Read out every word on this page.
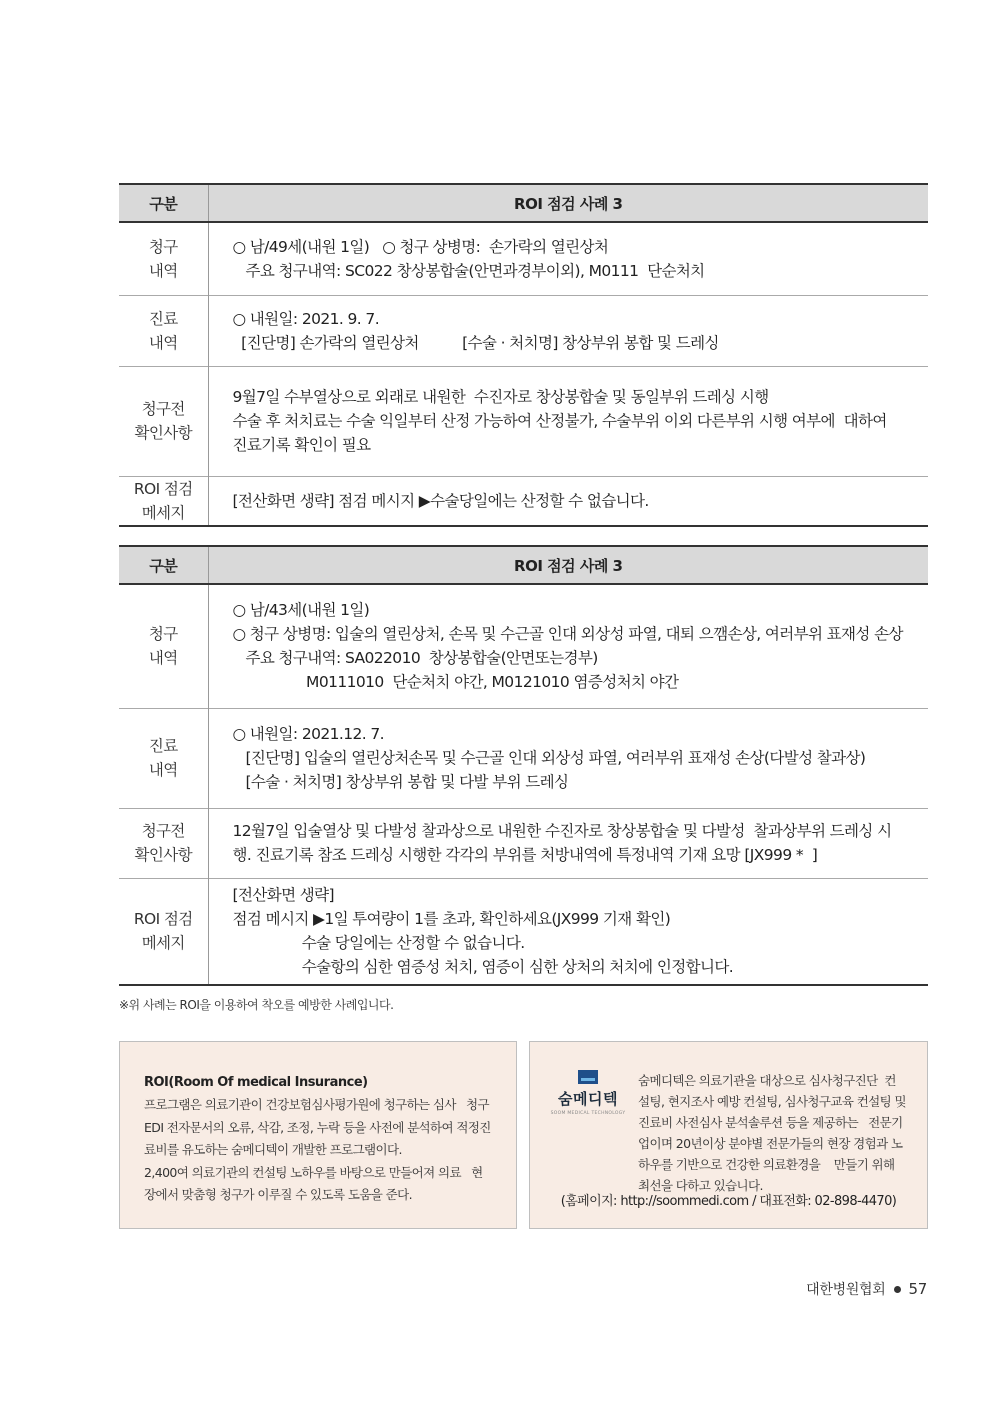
구분	ROI 점검 사례 3

청구
내역	○ 남/49세(내원 1일)   ○ 청구 상병명:  손가락의 열린상처
주요 청구내역: SC022 창상봉합술(안면과경부이외), M0111  단순처치

진료
내역	○ 내원일: 2021. 9. 7.
[진단명] 손가락의 열린상처          [수술 · 처치명] 창상부위 봉합 및 드레싱

청구전
확인사항	9월7일 수부열상으로 외래로 내원한  수진자로 창상봉합술 및 동일부위 드레싱 시행
수술 후 처치료는 수술 익일부터 산정 가능하여 산정불가, 수술부위 이외 다른부위 시행 여부에  대하여
진료기록 확인이 필요

ROI 점검
메세지	[전산화면 생략] 점검 메시지 ▶수술당일에는 산정할 수 없습니다.
구분	ROI 점검 사례 3

청구
내역	○ 남/43세(내원 1일)
○ 청구 상병명: 입술의 열린상처, 손목 및 수근골 인대 외상성 파열, 대퇴 으깸손상, 여러부위 표재성 손상
주요 청구내역: SA022010  창상봉합술(안면또는경부)
M0111010  단순처치 야간, M0121010 염증성처치 야간

진료
내역	○ 내원일: 2021.12. 7.
[진단명] 입술의 열린상처손목 및 수근골 인대 외상성 파열, 여러부위 표재성 손상(다발성 찰과상)
[수술 · 처치명] 창상부위 봉합 및 다발 부위 드레싱

청구전
확인사항	12월7일 입술열상 및 다발성 찰과상으로 내원한 수진자로 창상봉합술 및 다발성  찰과상부위 드레싱 시
행. 진료기록 참조 드레싱 시행한 각각의 부위를 처방내역에 특정내역 기재 요망 [JX999 *  ]

ROI 점검
메세지	[전산화면 생략]
점검 메시지 ▶1일 투여량이 1를 초과, 확인하세요(JX999 기재 확인)
수술 당일에는 산정할 수 없습니다.
수술항의 심한 염증성 처치, 염증이 심한 상처의 처치에 인정합니다.
※위 사례는 ROI을 이용하여 착오를 예방한 사례입니다.
ROI(Room Of medical Insurance)
프로그램은 의료기관이 건강보험심사평가원에 청구하는 심사   청구
EDI 전자문서의 오류, 삭감, 조정, 누락 등을 사전에 분석하여 적정진
료비를 유도하는 숨메디텍이 개발한 프로그램이다.
2,400여 의료기관의 컨설팅 노하우를 바탕으로 만들어져 의료   현
장에서 맞춤형 청구가 이루질 수 있도록 도움을 준다.
숨메디텍
SOOM MEDICAL TECHNOLOGY
숨메디텍은 의료기관을 대상으로 심사청구진단  컨
설팅, 현지조사 예방 컨설팅, 심사청구교육 컨설팅 및
진료비 사전심사 분석솔루션 등을 제공하는   전문기
업이며 20년이상 분야별 전문가들의 현장 경험과 노
하우를 기반으로 건강한 의료환경을    만들기 위해
최선을 다하고 있습니다.
(홈페이지: http://soommedi.com / 대표전화: 02-898-4470)
대한병원협회 57
